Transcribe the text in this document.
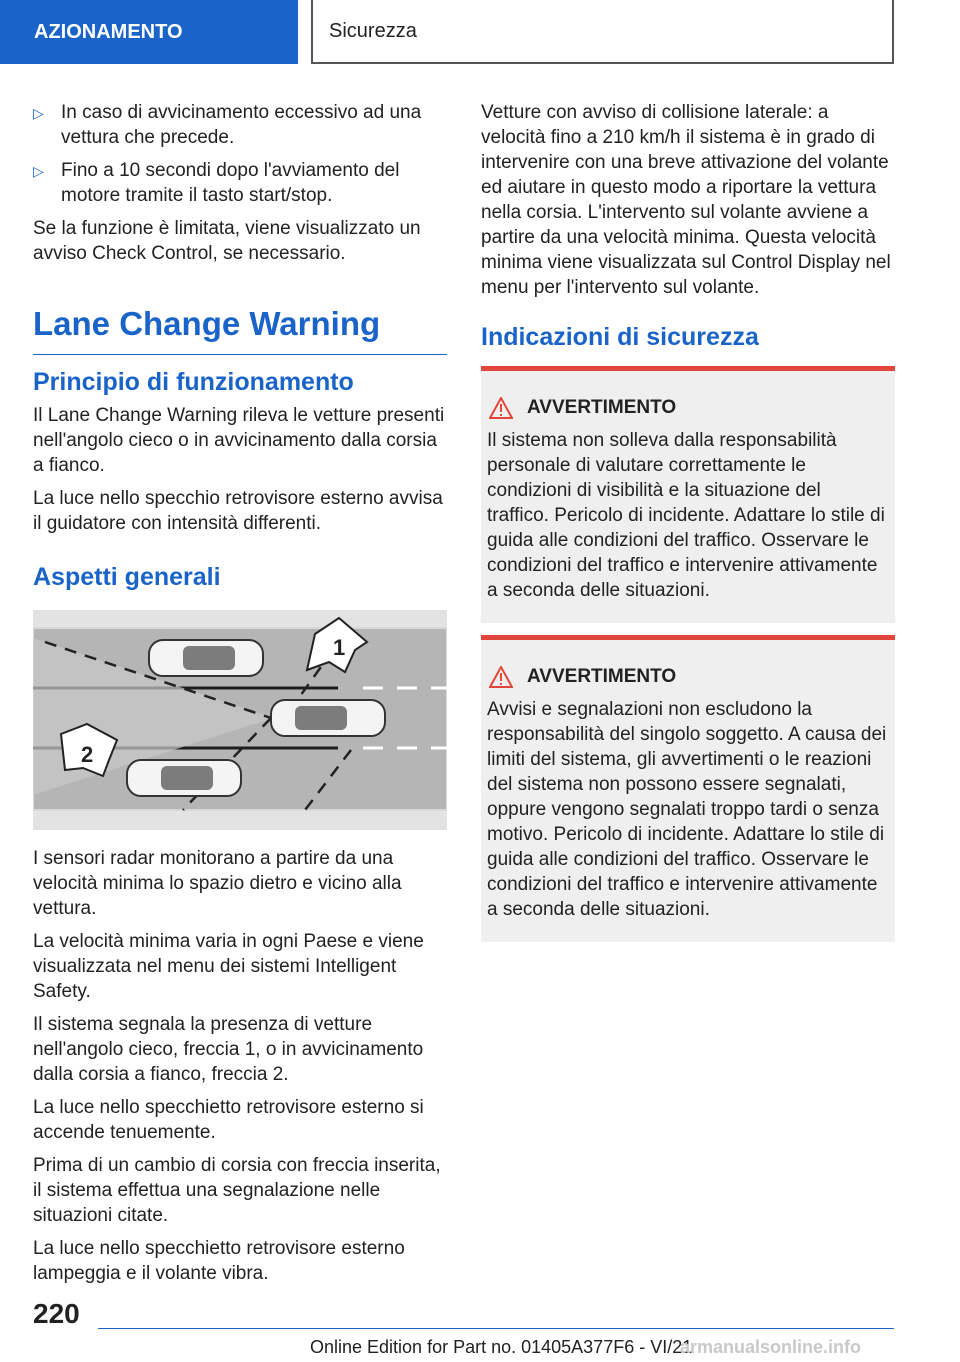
AZIONAMENTO	Sicurezza
▷ In caso di avvicinamento eccessivo ad una vettura che precede.
▷ Fino a 10 secondi dopo l'avviamento del motore tramite il tasto start/stop.

Se la funzione è limitata, viene visualizzato un avviso Check Control, se necessario.

Lane Change Warning
Principio di funzionamento

Il Lane Change Warning rileva le vetture presenti nell'angolo cieco o in avvicinamento dalla corsia a fianco.

La luce nello specchio retrovisore esterno avvisa il guidatore con intensità differenti.

Aspetti generali
1
2

I sensori radar monitorano a partire da una velocità minima lo spazio dietro e vicino alla vettura.

La velocità minima varia in ogni Paese e viene visualizzata nel menu dei sistemi Intelligent Safety.

Il sistema segnala la presenza di vetture nell'angolo cieco, freccia 1, o in avvicinamento dalla corsia a fianco, freccia 2.

La luce nello specchietto retrovisore esterno si accende tenuemente.

Prima di un cambio di corsia con freccia inserita, il sistema effettua una segnalazione nelle situazioni citate.

La luce nello specchietto retrovisore esterno lampeggia e il volante vibra.

Vetture con avviso di collisione laterale: a velocità fino a 210 km/h il sistema è in grado di intervenire con una breve attivazione del volante ed aiutare in questo modo a riportare la vettura nella corsia. L'intervento sul volante avviene a partire da una velocità minima. Questa velocità minima viene visualizzata sul Control Display nel menu per l'intervento sul volante.

Indicazioni di sicurezza
AVVERTIMENTO

Il sistema non solleva dalla responsabilità personale di valutare correttamente le condizioni di visibilità e la situazione del traffico. Pericolo di incidente. Adattare lo stile di guida alle condizioni del traffico. Osservare le condizioni del traffico e intervenire attivamente a seconda delle situazioni.

AVVERTIMENTO

Avvisi e segnalazioni non escludono la responsabilità del singolo soggetto. A causa dei limiti del sistema, gli avvertimenti o le reazioni del sistema non possono essere segnalati, oppure vengono segnalati troppo tardi o senza motivo. Pericolo di incidente. Adattare lo stile di guida alle condizioni del traffico. Osservare le condizioni del traffico e intervenire attivamente a seconda delle situazioni.

220
Online Edition for Part no. 01405A377F6 - VI/21
armanualsonline.info
